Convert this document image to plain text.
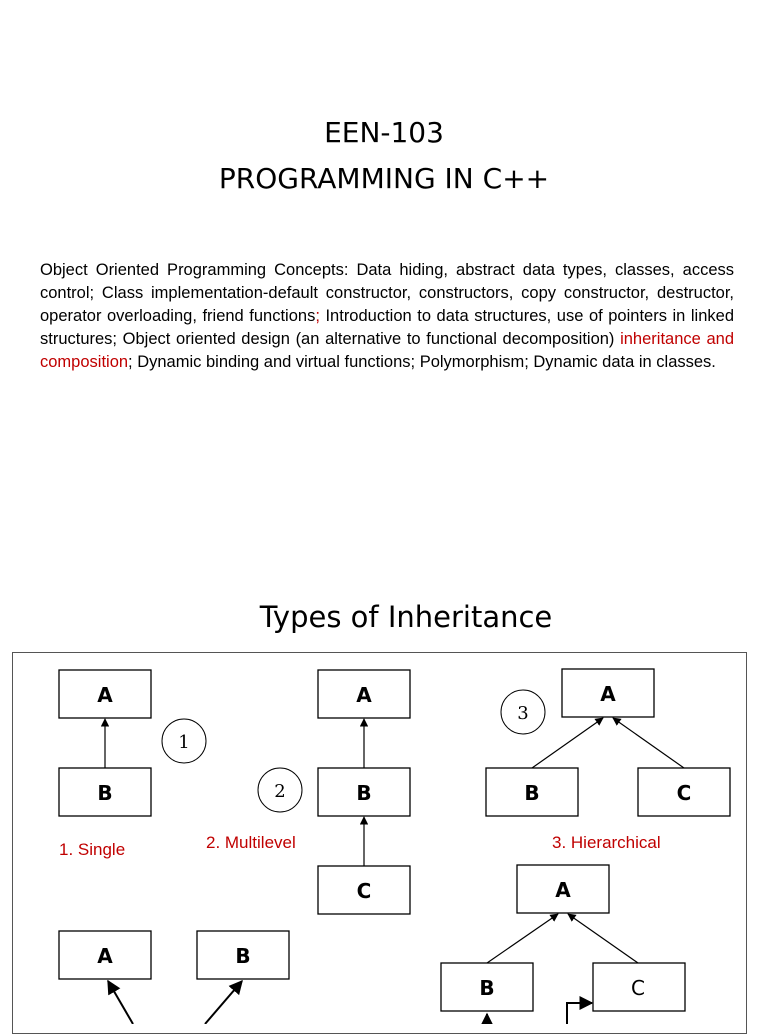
EEN-103
PROGRAMMING IN C++
Object Oriented Programming Concepts: Data hiding, abstract data types, classes, access control; Class implementation-default constructor, constructors, copy constructor, destructor, operator overloading, friend functions; Introduction to data structures, use of pointers in linked structures; Object oriented design (an alternative to functional decomposition) inheritance and composition; Dynamic binding and virtual functions; Polymorphism; Dynamic data in classes.
Types of Inheritance
A
B
1
1. Single
A
B
C
2
2. Multilevel
A
B	C
3
3. Hierarchical
A	B
A
B	C
